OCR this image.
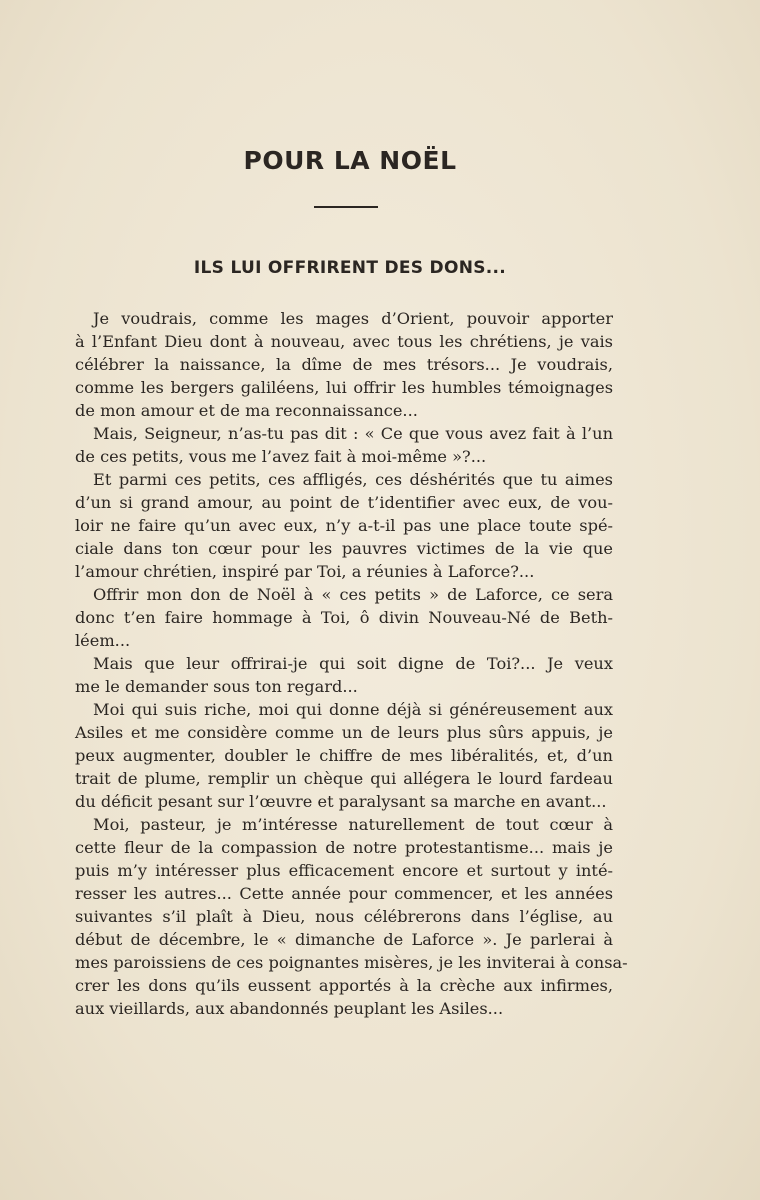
POUR LA NOËL
ILS LUI OFFRIRENT DES DONS...
Je voudrais, comme les mages d’Orient, pouvoir apporter
à l’Enfant Dieu dont à nouveau, avec tous les chrétiens, je vais
célébrer la naissance, la dîme de mes trésors... Je voudrais,
comme les bergers galiléens, lui offrir les humbles témoignages
de mon amour et de ma reconnaissance...
Mais, Seigneur, n’as-tu pas dit : « Ce que vous avez fait à l’un
de ces petits, vous me l’avez fait à moi-même »?...
Et parmi ces petits, ces affligés, ces déshérités que tu aimes
d’un si grand amour, au point de t’identifier avec eux, de vou-
loir ne faire qu’un avec eux, n’y a-t-il pas une place toute spé-
ciale dans ton cœur pour les pauvres victimes de la vie que
l’amour chrétien, inspiré par Toi, a réunies à Laforce?...
Offrir mon don de Noël à « ces petits » de Laforce, ce sera
donc t’en faire hommage à Toi, ô divin Nouveau-Né de Beth-
léem...
Mais que leur offrirai-je qui soit digne de Toi?... Je veux
me le demander sous ton regard...
Moi qui suis riche, moi qui donne déjà si généreusement aux
Asiles et me considère comme un de leurs plus sûrs appuis, je
peux augmenter, doubler le chiffre de mes libéralités, et, d’un
trait de plume, remplir un chèque qui allégera le lourd fardeau
du déficit pesant sur l’œuvre et paralysant sa marche en avant...
Moi, pasteur, je m’intéresse naturellement de tout cœur à
cette fleur de la compassion de notre protestantisme... mais je
puis m’y intéresser plus efficacement encore et surtout y inté-
resser les autres... Cette année pour commencer, et les années
suivantes s’il plaît à Dieu, nous célébrerons dans l’église, au
début de décembre, le « dimanche de Laforce ». Je parlerai à
mes paroissiens de ces poignantes misères, je les inviterai à consa-
crer les dons qu’ils eussent apportés à la crèche aux infirmes,
aux vieillards, aux abandonnés peuplant les Asiles...
